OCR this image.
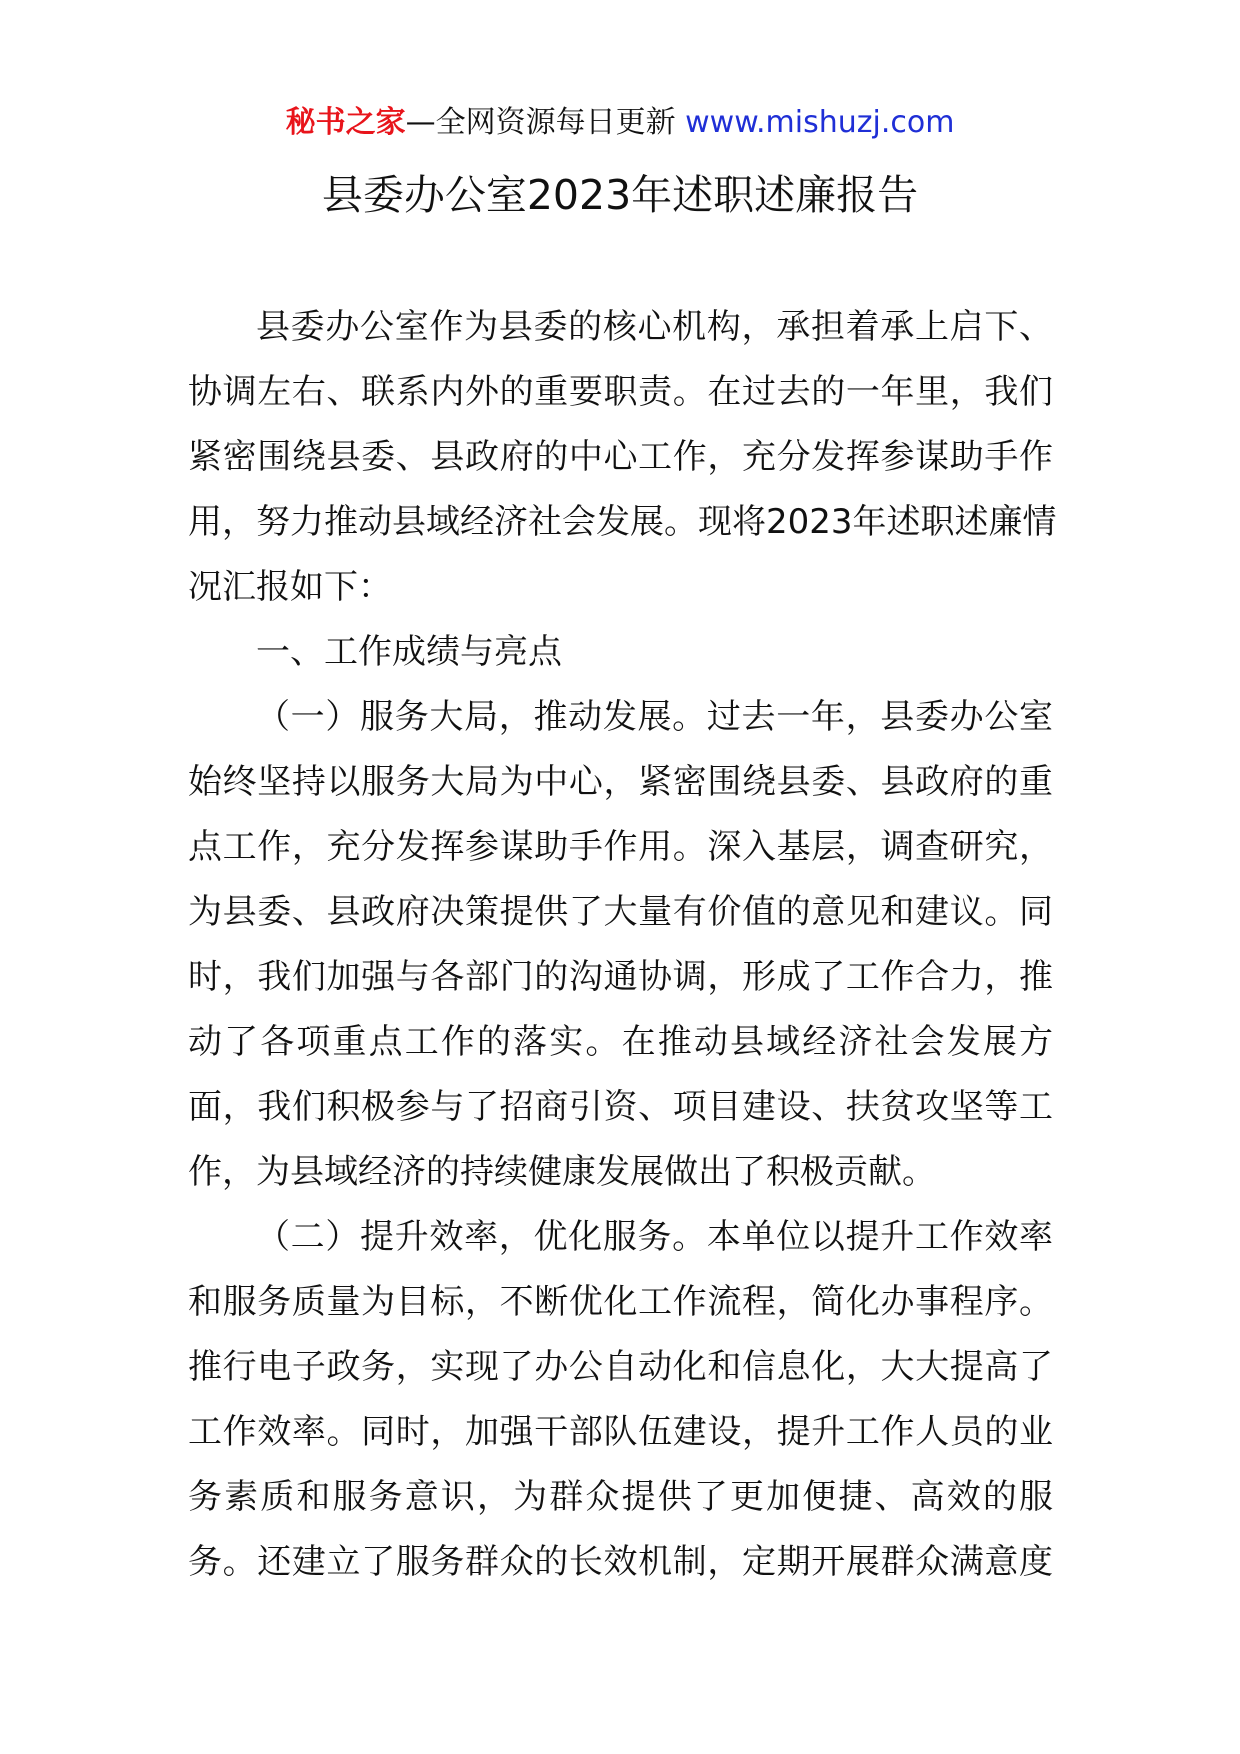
秘书之家—全网资源每日更新 www.mishuzj.com
县委办公室2023年述职述廉报告
县委办公室作为县委的核心机构，承担着承上启下、
协调左右、联系内外的重要职责。在过去的一年里，我们
紧密围绕县委、县政府的中心工作，充分发挥参谋助手作
用，努力推动县域经济社会发展。现将2023年述职述廉情
况汇报如下：
一、工作成绩与亮点
（一）服务大局，推动发展。过去一年，县委办公室
始终坚持以服务大局为中心，紧密围绕县委、县政府的重
点工作，充分发挥参谋助手作用。深入基层，调查研究，
为县委、县政府决策提供了大量有价值的意见和建议。同
时，我们加强与各部门的沟通协调，形成了工作合力，推
动了各项重点工作的落实。在推动县域经济社会发展方
面，我们积极参与了招商引资、项目建设、扶贫攻坚等工
作，为县域经济的持续健康发展做出了积极贡献。
（二）提升效率，优化服务。本单位以提升工作效率
和服务质量为目标，不断优化工作流程，简化办事程序。
推行电子政务，实现了办公自动化和信息化，大大提高了
工作效率。同时，加强干部队伍建设，提升工作人员的业
务素质和服务意识，为群众提供了更加便捷、高效的服
务。还建立了服务群众的长效机制，定期开展群众满意度
